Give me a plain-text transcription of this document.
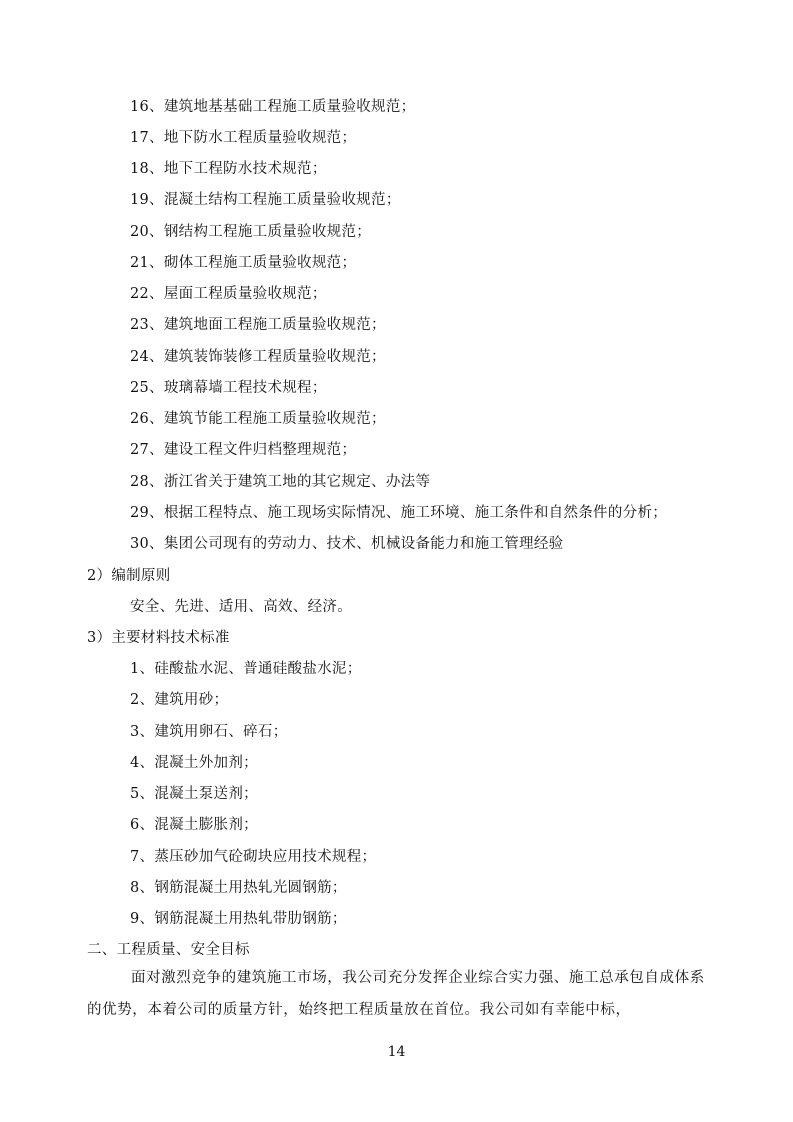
16、建筑地基基础工程施工质量验收规范；
17、地下防水工程质量验收规范；
18、地下工程防水技术规范；
19、混凝土结构工程施工质量验收规范；
20、钢结构工程施工质量验收规范；
21、砌体工程施工质量验收规范；
22、屋面工程质量验收规范；
23、建筑地面工程施工质量验收规范；
24、建筑装饰装修工程质量验收规范；
25、玻璃幕墙工程技术规程；
26、建筑节能工程施工质量验收规范；
27、建设工程文件归档整理规范；
28、浙江省关于建筑工地的其它规定、办法等
29、根据工程特点、施工现场实际情况、施工环境、施工条件和自然条件的分析；
30、集团公司现有的劳动力、技术、机械设备能力和施工管理经验
2）编制原则
安全、先进、适用、高效、经济。
3）主要材料技术标准
1、硅酸盐水泥、普通硅酸盐水泥；
2、建筑用砂；
3、建筑用卵石、碎石；
4、混凝土外加剂；
5、混凝土泵送剂；
6、混凝土膨胀剂；
7、蒸压砂加气砼砌块应用技术规程；
8、钢筋混凝土用热轧光圆钢筋；
9、钢筋混凝土用热轧带肋钢筋；
二、工程质量、安全目标
面对激烈竞争的建筑施工市场，我公司充分发挥企业综合实力强、施工总承包自成体系的优势，本着公司的质量方针，始终把工程质量放在首位。我公司如有幸能中标，
14
